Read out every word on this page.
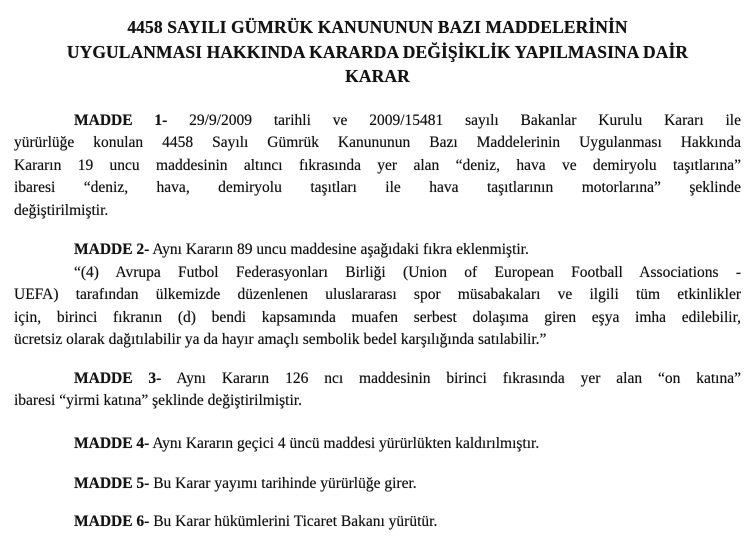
4458 SAYILI GÜMRÜK KANUNUNUN BAZI MADDELERİNİN
UYGULANMASI HAKKINDA KARARDA DEĞİŞİKLİK YAPILMASINA DAİR
KARAR
MADDE 1- 29/9/2009 tarihli ve 2009/15481 sayılı Bakanlar Kurulu Kararı ile
yürürlüğe konulan 4458 Sayılı Gümrük Kanununun Bazı Maddelerinin Uygulanması Hakkında
Kararın 19 uncu maddesinin altıncı fıkrasında yer alan “deniz, hava ve demiryolu taşıtlarına”
ibaresi “deniz, hava, demiryolu taşıtları ile hava taşıtlarının motorlarına” şeklinde
değiştirilmiştir.
MADDE 2- Aynı Kararın 89 uncu maddesine aşağıdaki fıkra eklenmiştir.
“(4) Avrupa Futbol Federasyonları Birliği (Union of European Football Associations -
UEFA) tarafından ülkemizde düzenlenen uluslararası spor müsabakaları ve ilgili tüm etkinlikler
için, birinci fıkranın (d) bendi kapsamında muafen serbest dolaşıma giren eşya imha edilebilir,
ücretsiz olarak dağıtılabilir ya da hayır amaçlı sembolik bedel karşılığında satılabilir.”
MADDE 3- Aynı Kararın 126 ncı maddesinin birinci fıkrasında yer alan “on katına”
ibaresi “yirmi katına” şeklinde değiştirilmiştir.
MADDE 4- Aynı Kararın geçici 4 üncü maddesi yürürlükten kaldırılmıştır.
MADDE 5- Bu Karar yayımı tarihinde yürürlüğe girer.
MADDE 6- Bu Karar hükümlerini Ticaret Bakanı yürütür.
